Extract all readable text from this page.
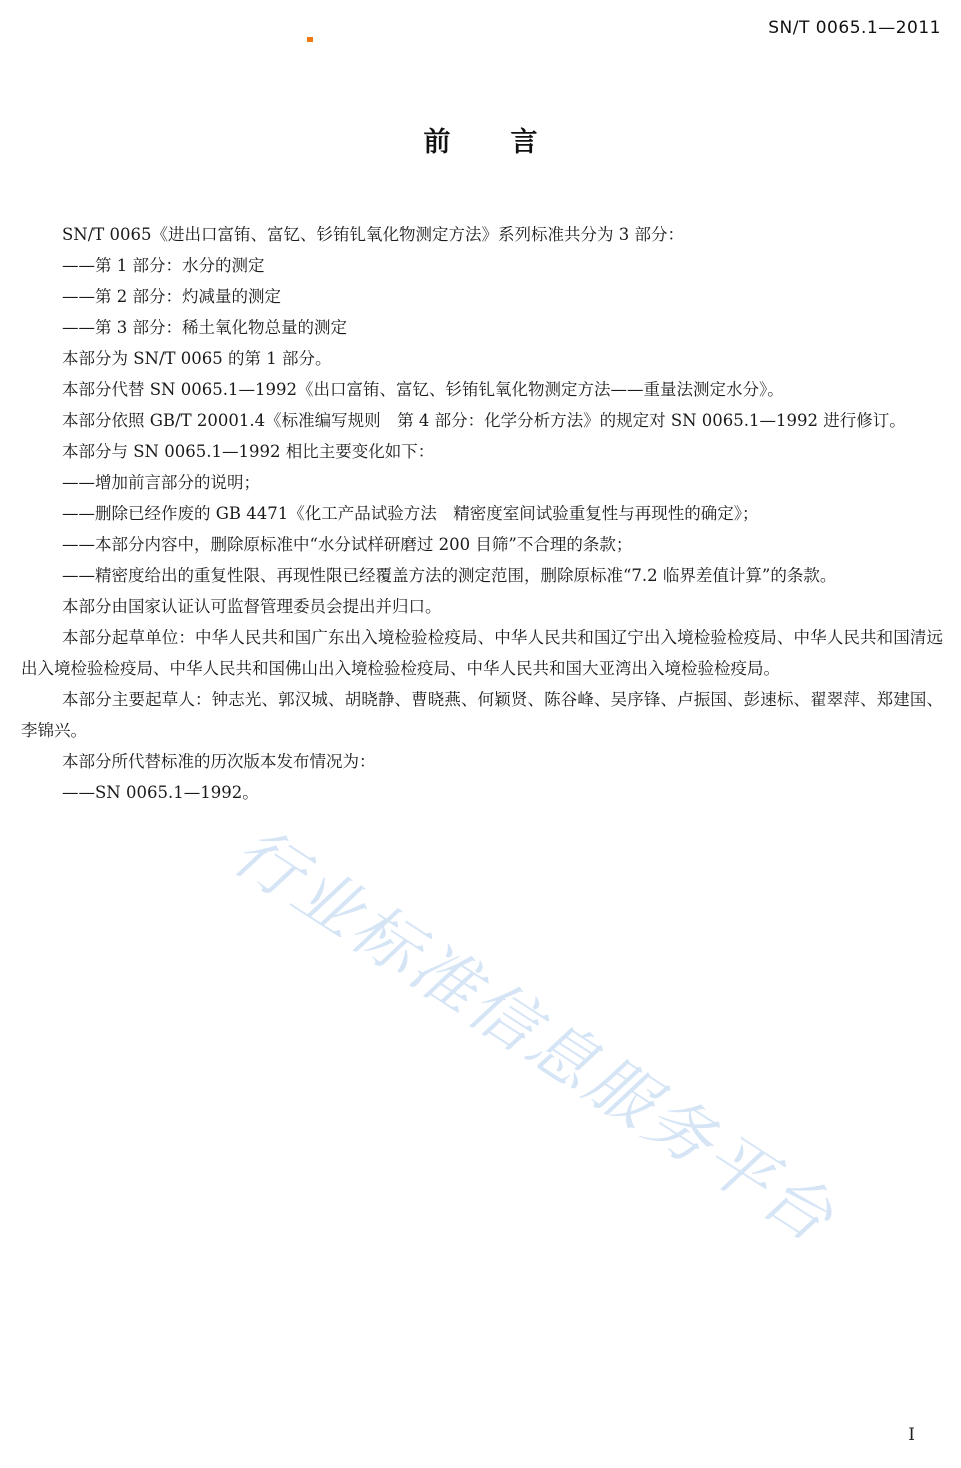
SN/T 0065.1—2011
前 言

SN/T 0065《进出口富铕、富钇、钐铕钆氧化物测定方法》系列标准共分为 3 部分：

——第 1 部分：水分的测定

——第 2 部分：灼减量的测定

——第 3 部分：稀土氧化物总量的测定

本部分为 SN/T 0065 的第 1 部分。

本部分代替 SN 0065.1—1992《出口富铕、富钇、钐铕钆氧化物测定方法——重量法测定水分》。

本部分依照 GB/T 20001.4《标准编写规则　第 4 部分：化学分析方法》的规定对 SN 0065.1—1992 进行修订。

本部分与 SN 0065.1—1992 相比主要变化如下：

——增加前言部分的说明；

——删除已经作废的 GB 4471《化工产品试验方法　精密度室间试验重复性与再现性的确定》；

——本部分内容中，删除原标准中“水分试样研磨过 200 目筛”不合理的条款；

——精密度给出的重复性限、再现性限已经覆盖方法的测定范围，删除原标准“7.2 临界差值计算”的条款。

本部分由国家认证认可监督管理委员会提出并归口。

本部分起草单位：中华人民共和国广东出入境检验检疫局、中华人民共和国辽宁出入境检验检疫局、中华人民共和国清远出入境检验检疫局、中华人民共和国佛山出入境检验检疫局、中华人民共和国大亚湾出入境检验检疫局。

本部分主要起草人：钟志光、郭汉城、胡晓静、曹晓燕、何颖贤、陈谷峰、吴序锋、卢振国、彭速标、翟翠萍、郑建国、李锦兴。

本部分所代替标准的历次版本发布情况为：

——SN 0065.1—1992。

行业标准信息服务平台
I
